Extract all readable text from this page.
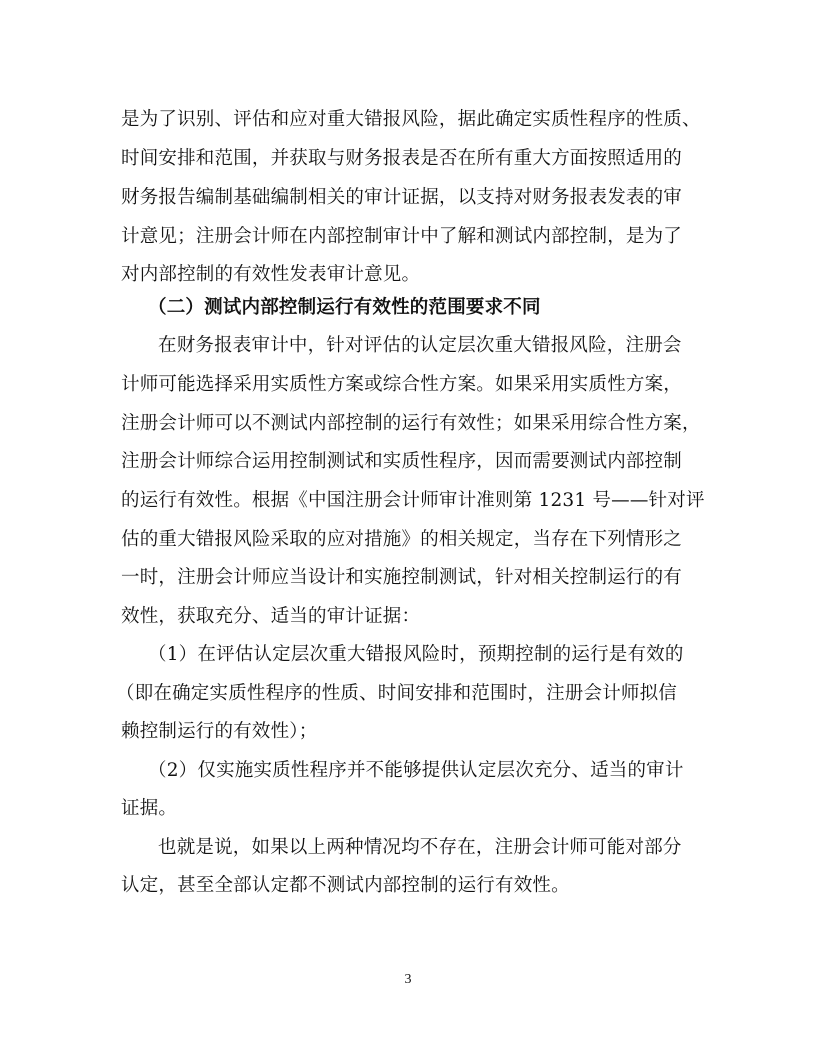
是为了识别、评估和应对重大错报风险，据此确定实质性程序的性质、
时间安排和范围，并获取与财务报表是否在所有重大方面按照适用的
财务报告编制基础编制相关的审计证据，以支持对财务报表发表的审
计意见；注册会计师在内部控制审计中了解和测试内部控制，是为了
对内部控制的有效性发表审计意见。
（二）测试内部控制运行有效性的范围要求不同
在财务报表审计中，针对评估的认定层次重大错报风险，注册会
计师可能选择采用实质性方案或综合性方案。如果采用实质性方案，
注册会计师可以不测试内部控制的运行有效性；如果采用综合性方案，
注册会计师综合运用控制测试和实质性程序，因而需要测试内部控制
的运行有效性。根据《中国注册会计师审计准则第 1231 号——针对评
估的重大错报风险采取的应对措施》的相关规定，当存在下列情形之
一时，注册会计师应当设计和实施控制测试，针对相关控制运行的有
效性，获取充分、适当的审计证据：
（1）在评估认定层次重大错报风险时，预期控制的运行是有效的
（即在确定实质性程序的性质、时间安排和范围时，注册会计师拟信
赖控制运行的有效性）；
（2）仅实施实质性程序并不能够提供认定层次充分、适当的审计
证据。
也就是说，如果以上两种情况均不存在，注册会计师可能对部分
认定，甚至全部认定都不测试内部控制的运行有效性。
3
